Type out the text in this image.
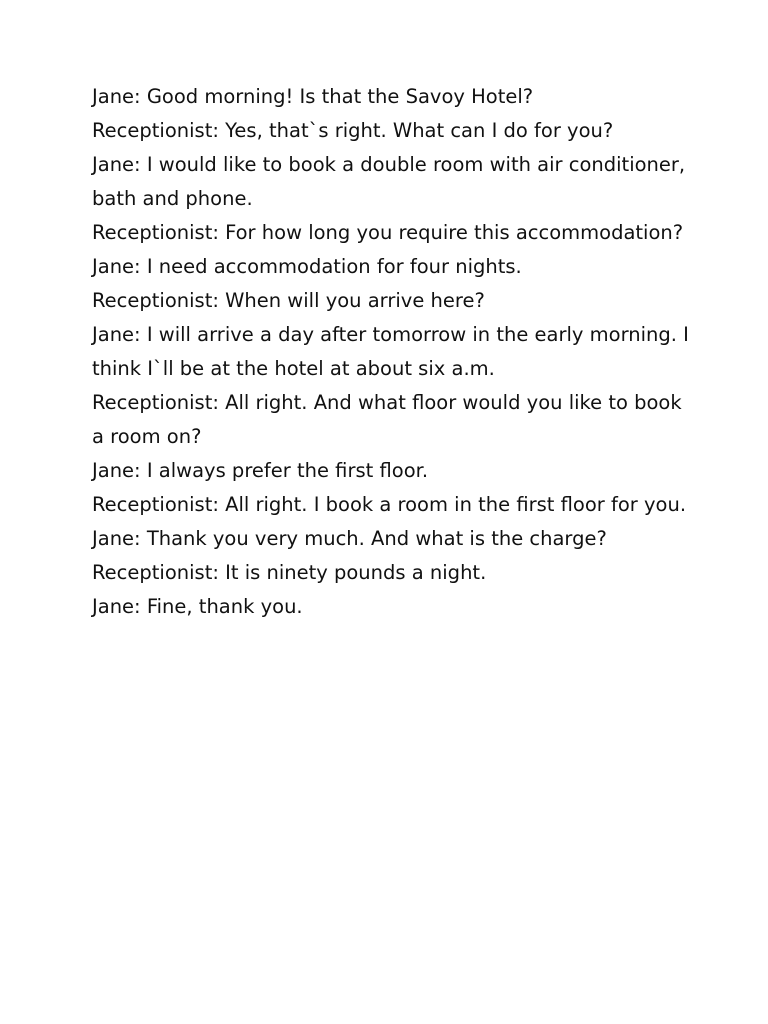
Jane: Good morning! Is that the Savoy Hotel?

Receptionist: Yes, that`s right. What can I do for you?

Jane: I would like to book a double room with air conditioner, bath and phone.

Receptionist: For how long you require this accommodation?

Jane: I need accommodation for four nights.

Receptionist: When will you arrive here?

Jane: I will arrive a day after tomorrow in the early morning. I think I`ll be at the hotel at about six a.m.

Receptionist: All right. And what floor would you like to book a room on?

Jane: I always prefer the first floor.

Receptionist: All right. I book a room in the first floor for you.

Jane: Thank you very much. And what is the charge?

Receptionist: It is ninety pounds a night.

Jane: Fine, thank you.
